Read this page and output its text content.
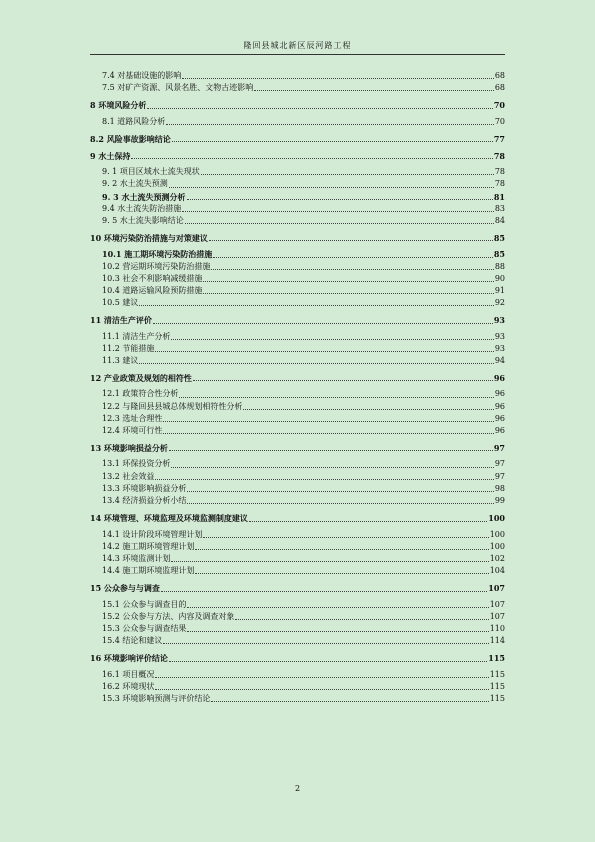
隆回县城北新区辰河路工程
7.4 对基础设施的影响	68
7.5 对矿产资源、风景名胜、文物古迹影响	68
8 环境风险分析	70
8.1 道路风险分析	70
8.2 风险事故影响结论	77
9 水土保持	78
9. 1 项目区域水土流失现状	78
9. 2 水土流失预测	78
9. 3 水土流失预测分析	81
9.4 水土流失防治措施	83
9. 5 水土流失影响结论	84
10 环境污染防治措施与对策建议	85
10.1 施工期环境污染防治措施	85
10.2 营运期环境污染防治措施	88
10.3 社会不利影响减缓措施	90
10.4 道路运输风险预防措施	91
10.5 建议	92
11 清洁生产评价	93
11.1 清洁生产分析	93
11.2 节能措施	93
11.3 建议	94
12 产业政策及规划的相符性	96
12.1 政策符合性分析	96
12.2 与隆回县县城总体规划相符性分析	96
12.3 选址合理性	96
12.4 环境可行性	96
13 环境影响损益分析	97
13.1 环保投资分析	97
13.2 社会效益	97
13.3 环境影响损益分析	98
13.4 经济损益分析小结	99
14 环境管理、环境监理及环境监测制度建议	100
14.1 设计阶段环境管理计划	100
14.2 施工期环境管理计划	100
14.3 环境监测计划	102
14.4 施工期环境监理计划	104
15 公众参与与调查	107
15.1 公众参与调查目的	107
15.2 公众参与方法、内容及调查对象	107
15.3 公众参与调查结果	110
15.4 结论和建议	114
16 环境影响评价结论	115
16.1 项目概况	115
16.2 环境现状	115
15.3 环境影响预测与评价结论	115
2
